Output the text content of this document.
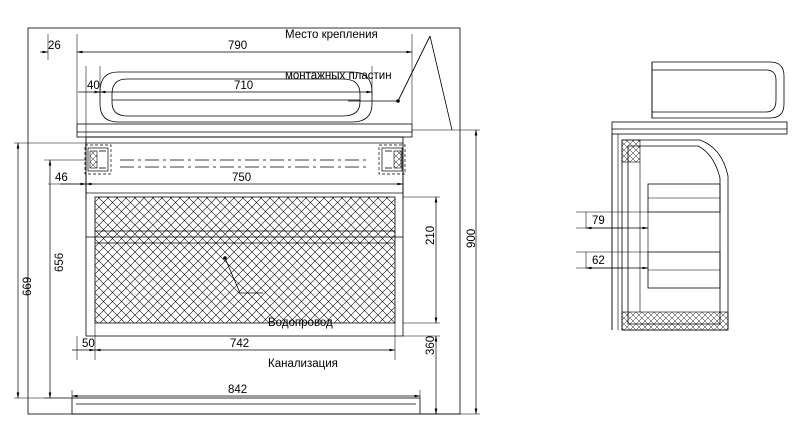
Место крепления

монтажных пластин

Водопровод

Канализация

26	790
40	710
46	750
210	900
669
656
50	742	360
842
79
62
